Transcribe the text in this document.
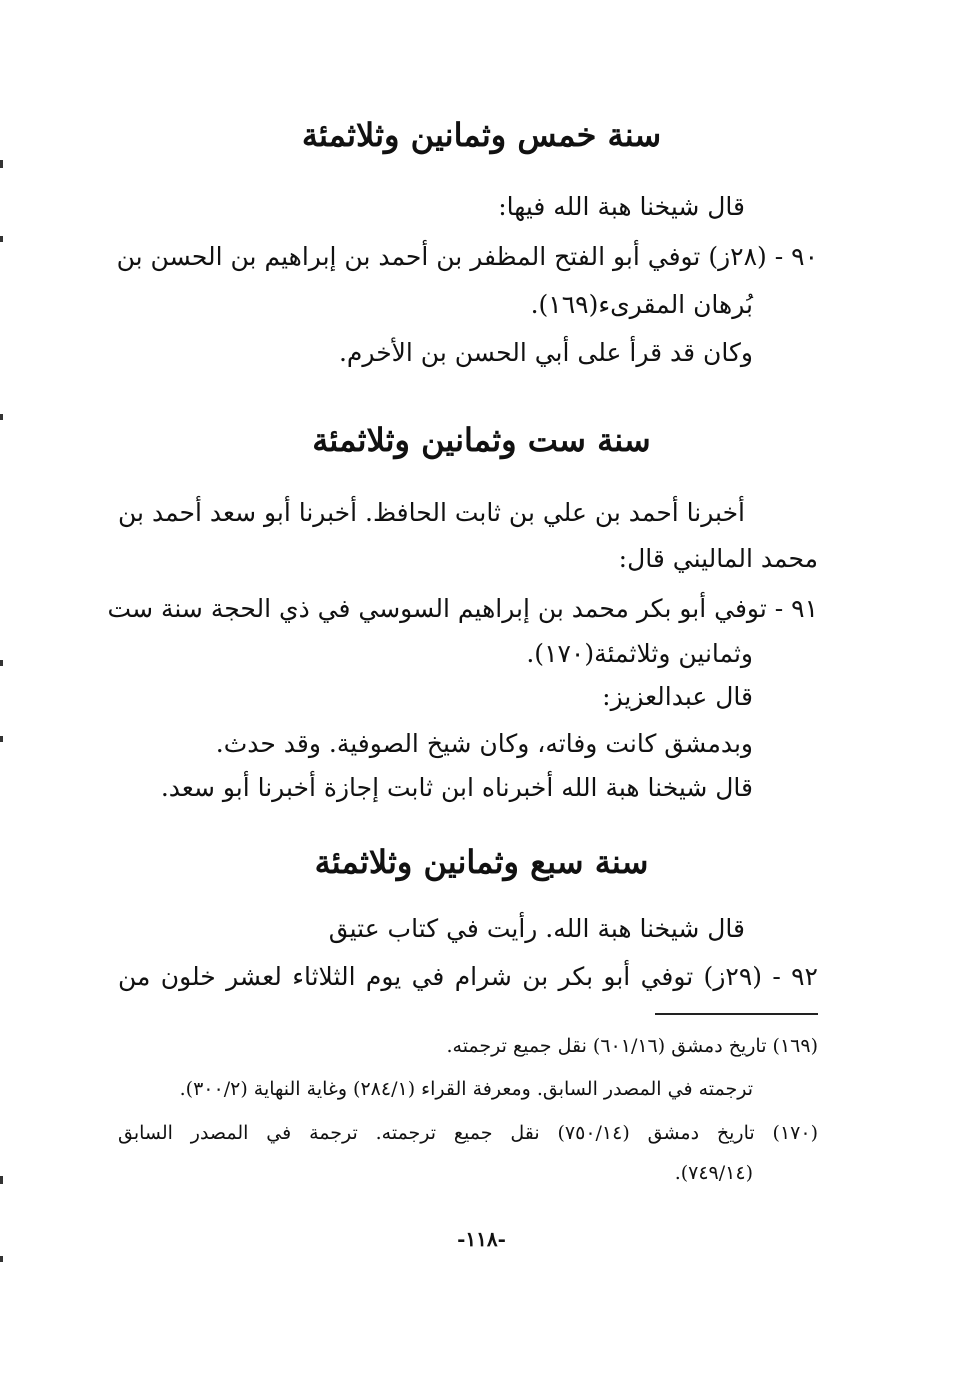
سنة خمس وثمانين وثلاثمئة
قال شيخنا هبة الله فيها:
٩٠ - (٢٨ز) توفي أبو الفتح المظفر بن أحمد بن إبراهيم بن الحسن بن
بُرهان المقرىء(١٦٩).
وكان قد قرأ على أبي الحسن بن الأخرم.
سنة ست وثمانين وثلاثمئة
أخبرنا أحمد بن علي بن ثابت الحافظ. أخبرنا أبو سعد أحمد بن
محمد الماليني قال:
٩١ - توفي أبو بكر محمد بن إبراهيم السوسي في ذي الحجة سنة ست
وثمانين وثلاثمئة(١٧٠).
قال عبدالعزيز:
وبدمشق كانت وفاته، وكان شيخ الصوفية. وقد حدث.
قال شيخنا هبة الله أخبرناه ابن ثابت إجازة أخبرنا أبو سعد.
سنة سبع وثمانين وثلاثمئة
قال شيخنا هبة الله. رأيت في كتاب عتيق
٩٢ - (٢٩ز) توفي أبو بكر بن شرام في يوم الثلاثاء لعشر خلون من
(١٦٩) تاريخ دمشق (٦٠١/١٦) نقل جميع ترجمته.
ترجمته في المصدر السابق. ومعرفة القراء (٢٨٤/١) وغاية النهاية (٣٠٠/٢).
(١٧٠) تاريخ دمشق (٧٥٠/١٤) نقل جميع ترجمته. ترجمة في المصدر السابق
(٧٤٩/١٤).
-١١٨-
